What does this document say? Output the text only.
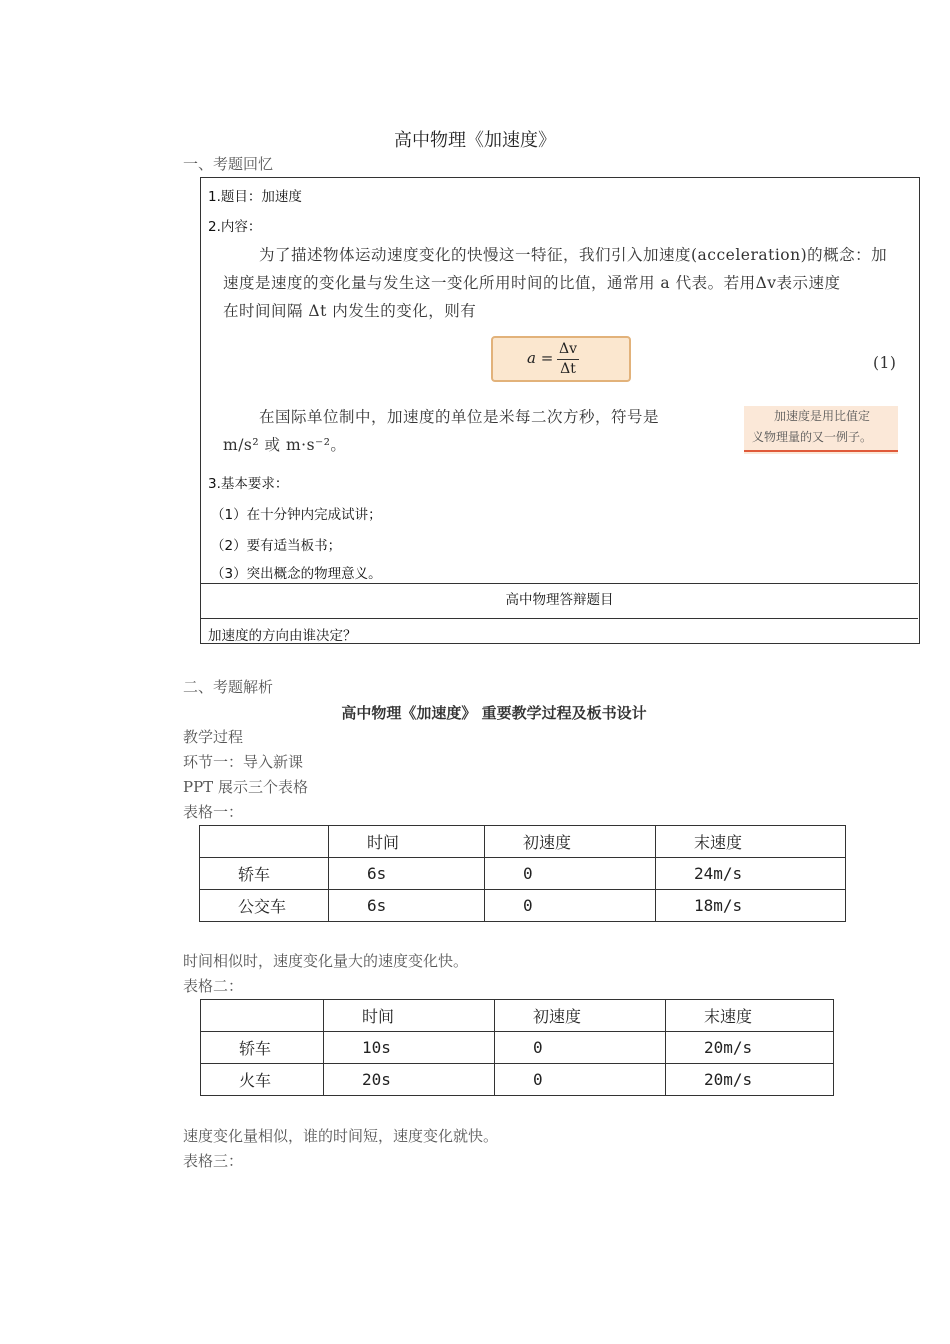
高中物理《加速度》
一、考题回忆
1.题目：加速度
2.内容：
为了描述物体运动速度变化的快慢这一特征，我们引入加速度(acceleration)的概念：加
速度是速度的变化量与发生这一变化所用时间的比值，通常用 a 代表。若用Δv表示速度
在时间间隔 Δt 内发生的变化，则有
$a = \frac{\Delta v}{\Delta t}$	(1)
在国际单位制中，加速度的单位是米每二次方秒，符号是
m/s² 或 m·s⁻²。
加速度是用比值定
义物理量的又一例子。
3.基本要求：
（1）在十分钟内完成试讲；
（2）要有适当板书；
（3）突出概念的物理意义。
高中物理答辩题目
加速度的方向由谁决定？
二、考题解析
高中物理《加速度》 重要教学过程及板书设计
教学过程
环节一：导入新课
PPT 展示三个表格
表格一：
	时间	初速度	末速度
轿车	6s	0	24m/s
公交车	6s	0	18m/s
时间相似时，速度变化量大的速度变化快。
表格二：
	时间	初速度	末速度
轿车	10s	0	20m/s
火车	20s	0	20m/s
速度变化量相似，谁的时间短，速度变化就快。
表格三：
